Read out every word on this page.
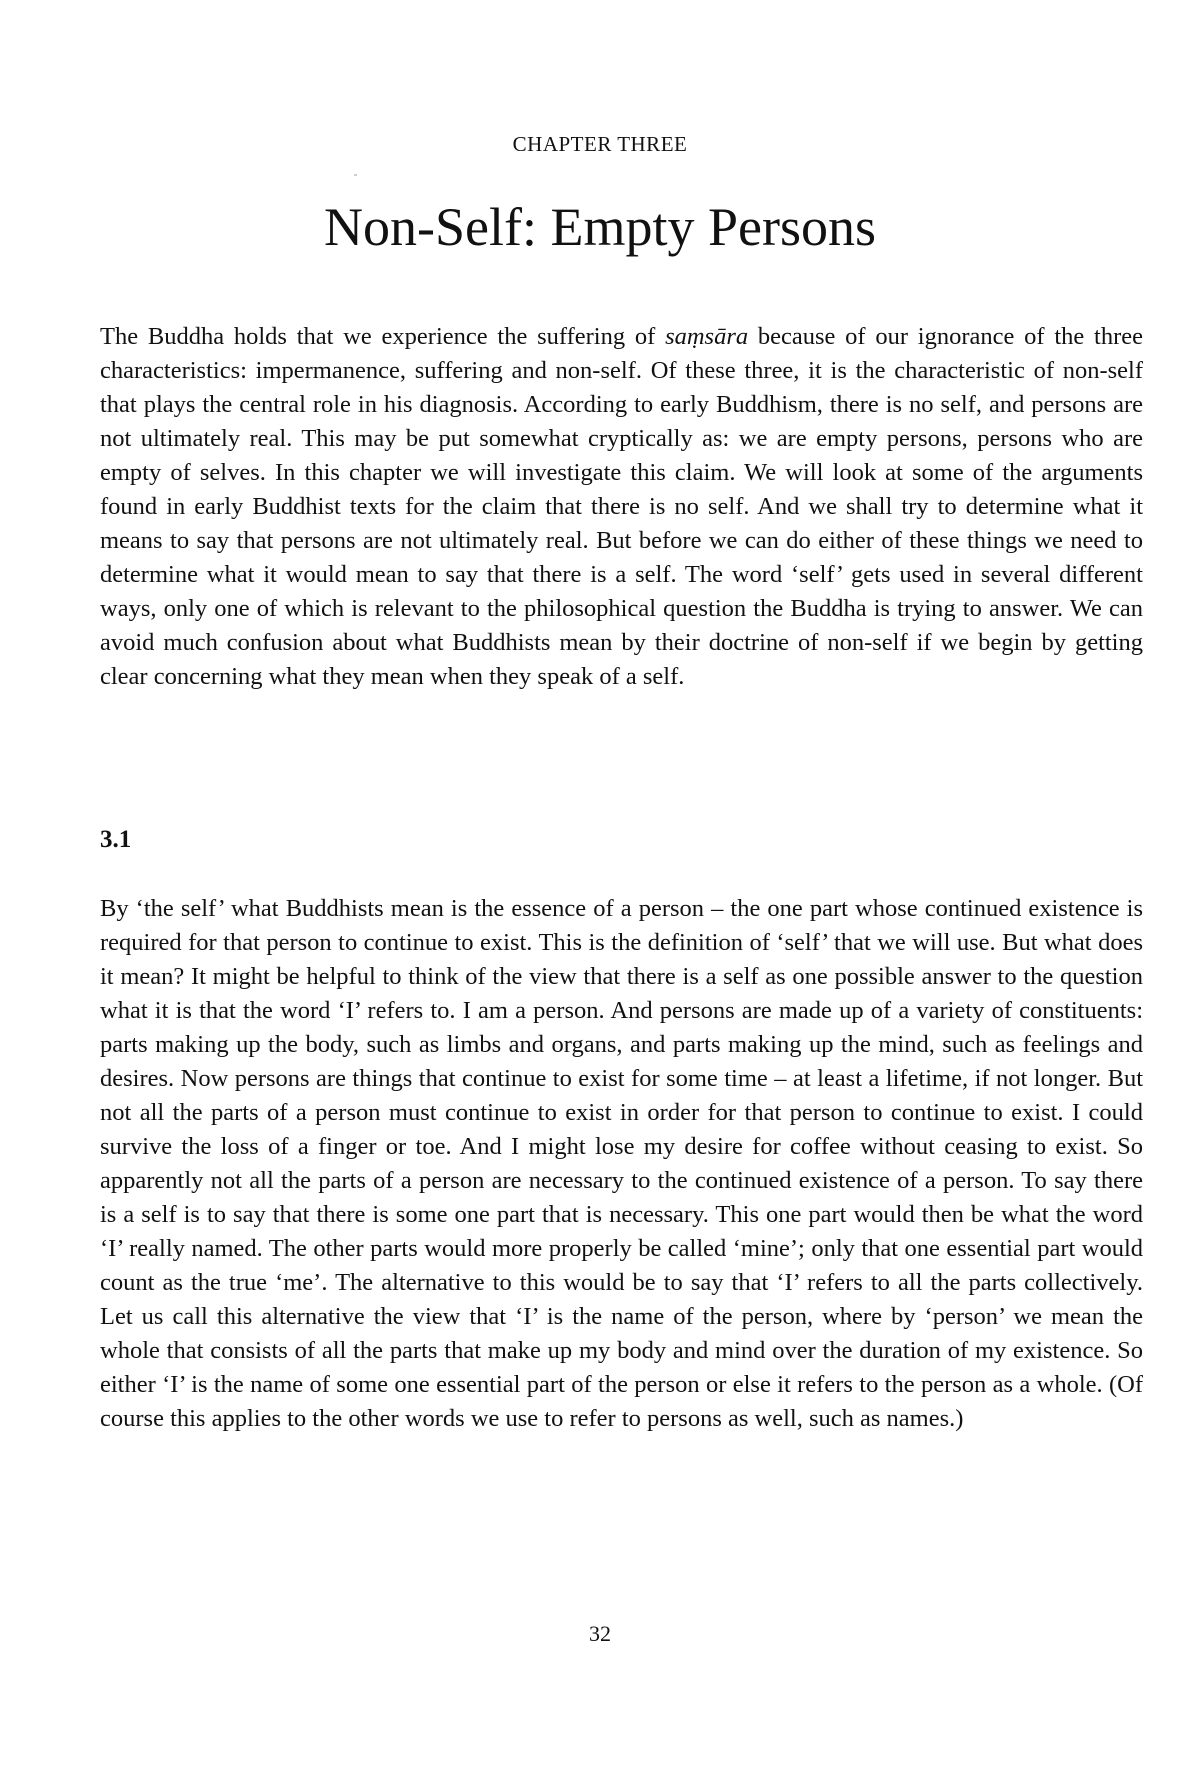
CHAPTER THREE
Non-Self: Empty Persons

The Buddha holds that we experience the suffering of saṃsāra because of our ignorance of the three characteristics: impermanence, suffering and non-self. Of these three, it is the characteristic of non-self that plays the central role in his diagnosis. According to early Buddhism, there is no self, and persons are not ultimately real. This may be put somewhat cryptically as: we are empty persons, persons who are empty of selves. In this chapter we will investigate this claim. We will look at some of the arguments found in early Buddhist texts for the claim that there is no self. And we shall try to determine what it means to say that persons are not ultimately real. But before we can do either of these things we need to determine what it would mean to say that there is a self. The word ‘self’ gets used in several different ways, only one of which is relevant to the philosophical question the Buddha is trying to answer. We can avoid much confusion about what Buddhists mean by their doctrine of non-self if we begin by getting clear concerning what they mean when they speak of a self.

3.1

By ‘the self’ what Buddhists mean is the essence of a person – the one part whose continued existence is required for that person to continue to exist. This is the definition of ‘self’ that we will use. But what does it mean? It might be helpful to think of the view that there is a self as one possible answer to the question what it is that the word ‘I’ refers to. I am a person. And persons are made up of a variety of constituents: parts making up the body, such as limbs and organs, and parts making up the mind, such as feelings and desires. Now persons are things that continue to exist for some time – at least a lifetime, if not longer. But not all the parts of a person must continue to exist in order for that person to continue to exist. I could survive the loss of a finger or toe. And I might lose my desire for coffee without ceasing to exist. So apparently not all the parts of a person are necessary to the continued existence of a person. To say there is a self is to say that there is some one part that is necessary. This one part would then be what the word ‘I’ really named. The other parts would more properly be called ‘mine’; only that one essential part would count as the true ‘me’. The alternative to this would be to say that ‘I’ refers to all the parts collectively. Let us call this alternative the view that ‘I’ is the name of the person, where by ‘person’ we mean the whole that consists of all the parts that make up my body and mind over the duration of my existence. So either ‘I’ is the name of some one essential part of the person or else it refers to the person as a whole. (Of course this applies to the other words we use to refer to persons as well, such as names.)

32
